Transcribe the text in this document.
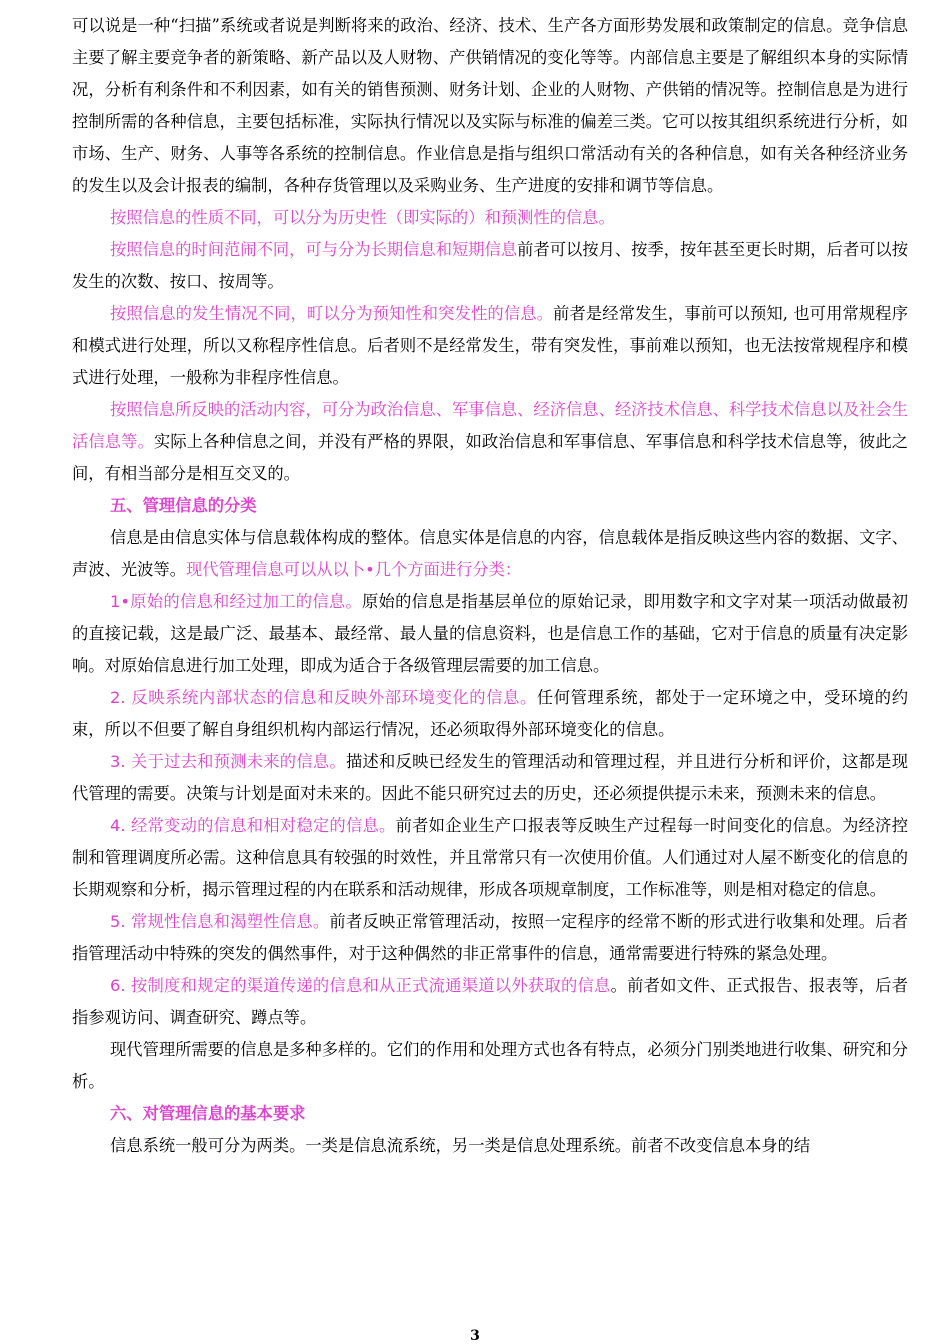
可以说是一种“扫描”系统或者说是判断将来的政治、经济、技术、生产各方面形势发展和政策制定的信息。竞争信息主要了解主要竞争者的新策略、新产品以及人财物、产供销情况的变化等等。内部信息主要是了解组织本身的实际情况，分析有利条件和不利因素，如有关的销售预测、财务计划、企业的人财物、产供销的情况等。控制信息是为进行控制所需的各种信息，主要包括标准，实际执行情况以及实际与标准的偏差三类。它可以按其组织系统进行分析，如市场、生产、财务、人事等各系统的控制信息。作业信息是指与组织口常活动有关的各种信息，如有关各种经济业务的发生以及会计报表的编制，各种存货管理以及采购业务、生产进度的安排和调节等信息。

按照信息的性质不同，可以分为历史性（即实际的）和预测性的信息。

按照信息的时间范闹不同，可与分为长期信息和短期信息前者可以按月、按季，按年甚至更长时期，后者可以按发生的次数、按口、按周等。

按照信息的发生情况不同，町以分为预知性和突发性的信息。前者是经常发生，事前可以预知, 也可用常规程序和模式进行处理，所以又称程序性信息。后者则不是经常发生，带有突发性，事前难以预知，也无法按常规程序和模式进行处理，一般称为非程序性信息。

按照信息所反映的活动内容，可分为政治信息、军事信息、经济信息、经济技术信息、科学技术信息以及社会生活信息等。实际上各种信息之间，并没有严格的界限，如政治信息和军事信息、军事信息和科学技术信息等，彼此之间，有相当部分是相互交叉的。

五、管理信息的分类

信息是由信息实体与信息载体构成的整体。信息实体是信息的内容，信息载体是指反映这些内容的数据、文字、声波、光波等。现代管理信息可以从以卜•几个方面进行分类：

1•原始的信息和经过加工的信息。原始的信息是指基层单位的原始记录，即用数字和文字对某一项活动做最初的直接记载，这是最广泛、最基本、最经常、最人量的信息资料，也是信息工作的基础，它对于信息的质量有决定影响。对原始信息进行加工处理，即成为适合于各级管理层需要的加工信息。

2. 反映系统内部状态的信息和反映外部环境变化的信息。任何管理系统，都处于一定环境之中，受环境的约束，所以不但要了解自身组织机构内部运行情况，还必须取得外部环境变化的信息。

3. 关于过去和预测未来的信息。描述和反映已经发生的管理活动和管理过程，并且进行分析和评价，这都是现代管理的需要。决策与计划是面对未来的。因此不能只研究过去的历史，还必须提供提示未来，预测未来的信息。

4. 经常变动的信息和相对稳定的信息。前者如企业生产口报表等反映生产过程每一时间变化的信息。为经济控制和管理调度所必需。这种信息具有较强的时效性，并且常常只有一次使用价值。人们通过对人屋不断变化的信息的长期观察和分析，揭示管理过程的内在联系和活动规律，形成各项规章制度，工作标准等，则是相对稳定的信息。

5. 常规性信息和渴塑性信息。前者反映正常管理活动，按照一定程序的经常不断的形式进行收集和处理。后者指管理活动中特殊的突发的偶然事件，对于这种偶然的非正常事件的信息，通常需要进行特殊的紧急处理。

6. 按制度和规定的渠道传递的信息和从正式流通渠道以外获取的信息。前者如文件、正式报告、报表等，后者指参观访问、调查研究、蹲点等。

现代管理所需要的信息是多种多样的。它们的作用和处理方式也各有特点，必须分门别类地进行收集、研究和分析。

六、对管理信息的基本要求

信息系统一般可分为两类。一类是信息流系统，另一类是信息处理系统。前者不改变信息本身的结

3
